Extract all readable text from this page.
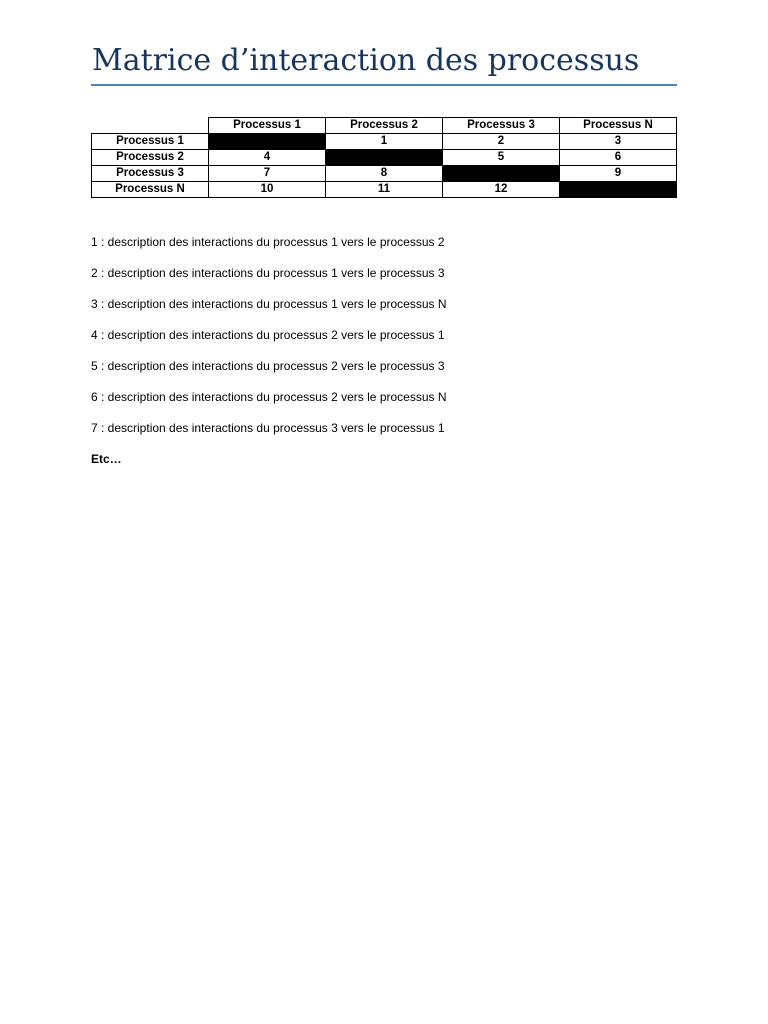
Matrice d’interaction des processus
	Processus 1	Processus 2	Processus 3	Processus N
Processus 1		1	2	3
Processus 2	4		5	6
Processus 3	7	8		9
Processus N	10	11	12	

1 : description des interactions du processus 1 vers le processus 2

2 : description des interactions du processus 1 vers le processus 3

3 : description des interactions du processus 1 vers le processus N

4 : description des interactions du processus 2 vers le processus 1

5 : description des interactions du processus 2 vers le processus 3

6 : description des interactions du processus 2 vers le processus N

7 : description des interactions du processus 3 vers le processus 1

Etc…
